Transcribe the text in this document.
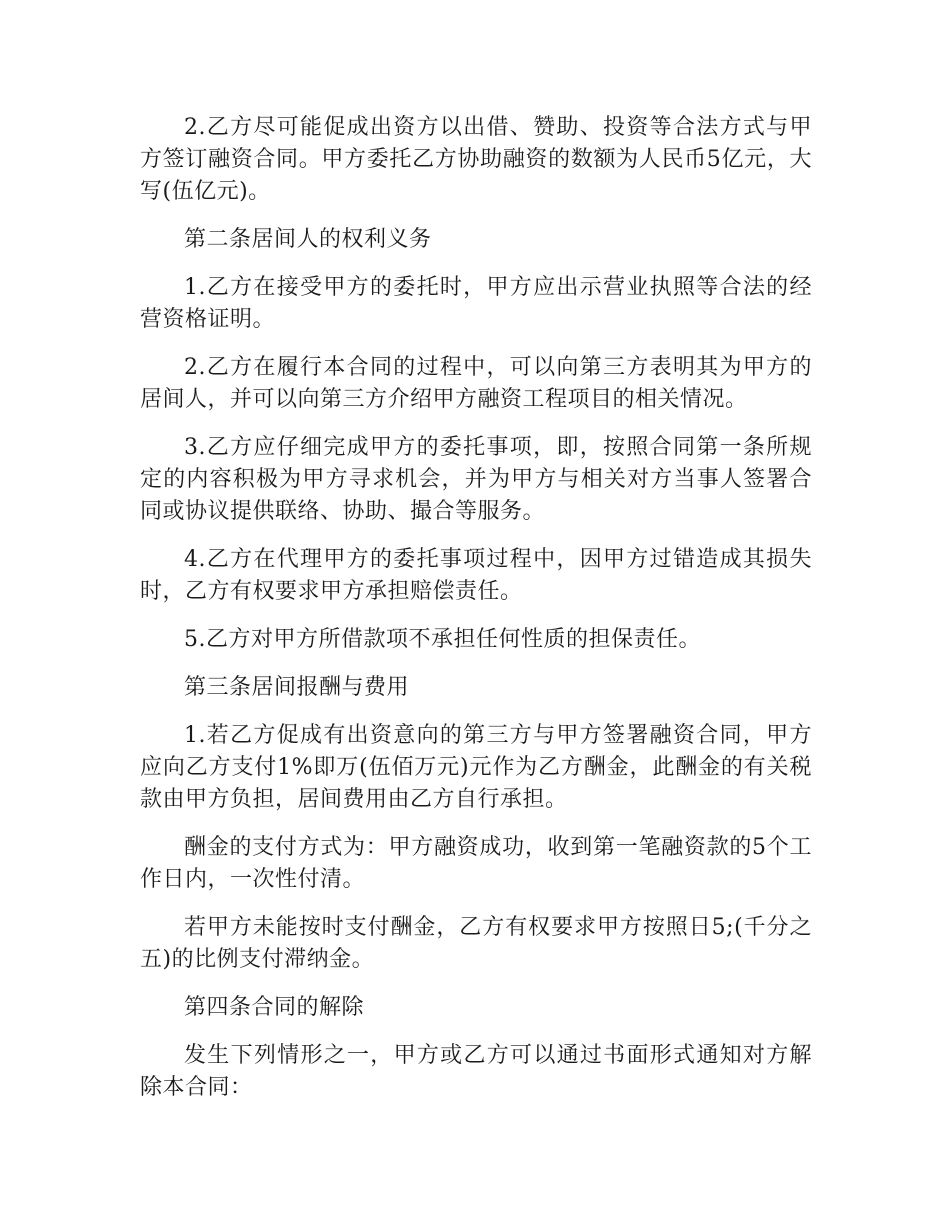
2.乙方尽可能促成出资方以出借、赞助、投资等合法方式与甲方签订融资合同。甲方委托乙方协助融资的数额为人民币5亿元，大写(伍亿元)。

第二条居间人的权利义务

1.乙方在接受甲方的委托时，甲方应出示营业执照等合法的经营资格证明。

2.乙方在履行本合同的过程中，可以向第三方表明其为甲方的居间人，并可以向第三方介绍甲方融资工程项目的相关情况。

3.乙方应仔细完成甲方的委托事项，即，按照合同第一条所规定的内容积极为甲方寻求机会，并为甲方与相关对方当事人签署合同或协议提供联络、协助、撮合等服务。

4.乙方在代理甲方的委托事项过程中，因甲方过错造成其损失时，乙方有权要求甲方承担赔偿责任。

5.乙方对甲方所借款项不承担任何性质的担保责任。

第三条居间报酬与费用

1.若乙方促成有出资意向的第三方与甲方签署融资合同，甲方应向乙方支付1%即万(伍佰万元)元作为乙方酬金，此酬金的有关税款由甲方负担，居间费用由乙方自行承担。

酬金的支付方式为：甲方融资成功，收到第一笔融资款的5个工作日内，一次性付清。

若甲方未能按时支付酬金，乙方有权要求甲方按照日5;(千分之五)的比例支付滞纳金。

第四条合同的解除

发生下列情形之一，甲方或乙方可以通过书面形式通知对方解除本合同：
